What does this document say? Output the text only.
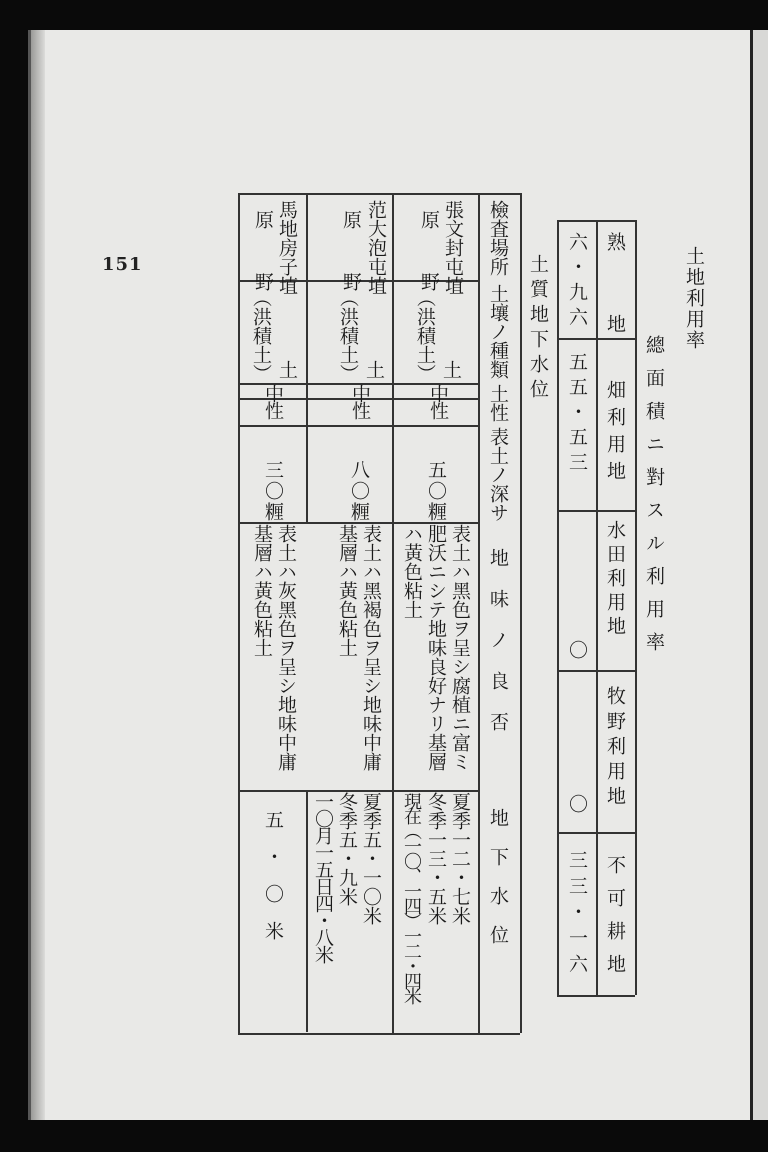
151	土地利用率
總面積ニ對スル利用率
熟　地
畑利用地
水田利用地
牧野利用地
不可耕地
六・九六
五五・五三
〇
〇
三三・一六
土質地下水位
檢査場所
土壤ノ種類
土性
表土ノ深サ
地味ノ良否
地下水位
張文封屯埴
原　野
（洪積土） 土
中性
五〇糎
表土ハ黑色ヲ呈シ腐植ニ富ミ
肥沃ニシテ地味良好ナリ基層
ハ黃色粘土
夏季一二・七米
冬季一三・五米
現在（一〇、一四）一二・四米
范大泡屯埴
原　野
（洪積土） 土
中性
八〇糎
表土ハ黑褐色ヲ呈シ地味中庸
基層ハ黃色粘土
夏季五・一〇米
冬季五・九米
一〇月一五日四・八米
馬地房子埴
原　野
（洪積土） 土
中性
三〇糎
表土ハ灰黑色ヲ呈シ地味中庸
基層ハ黃色粘土
五・〇米
